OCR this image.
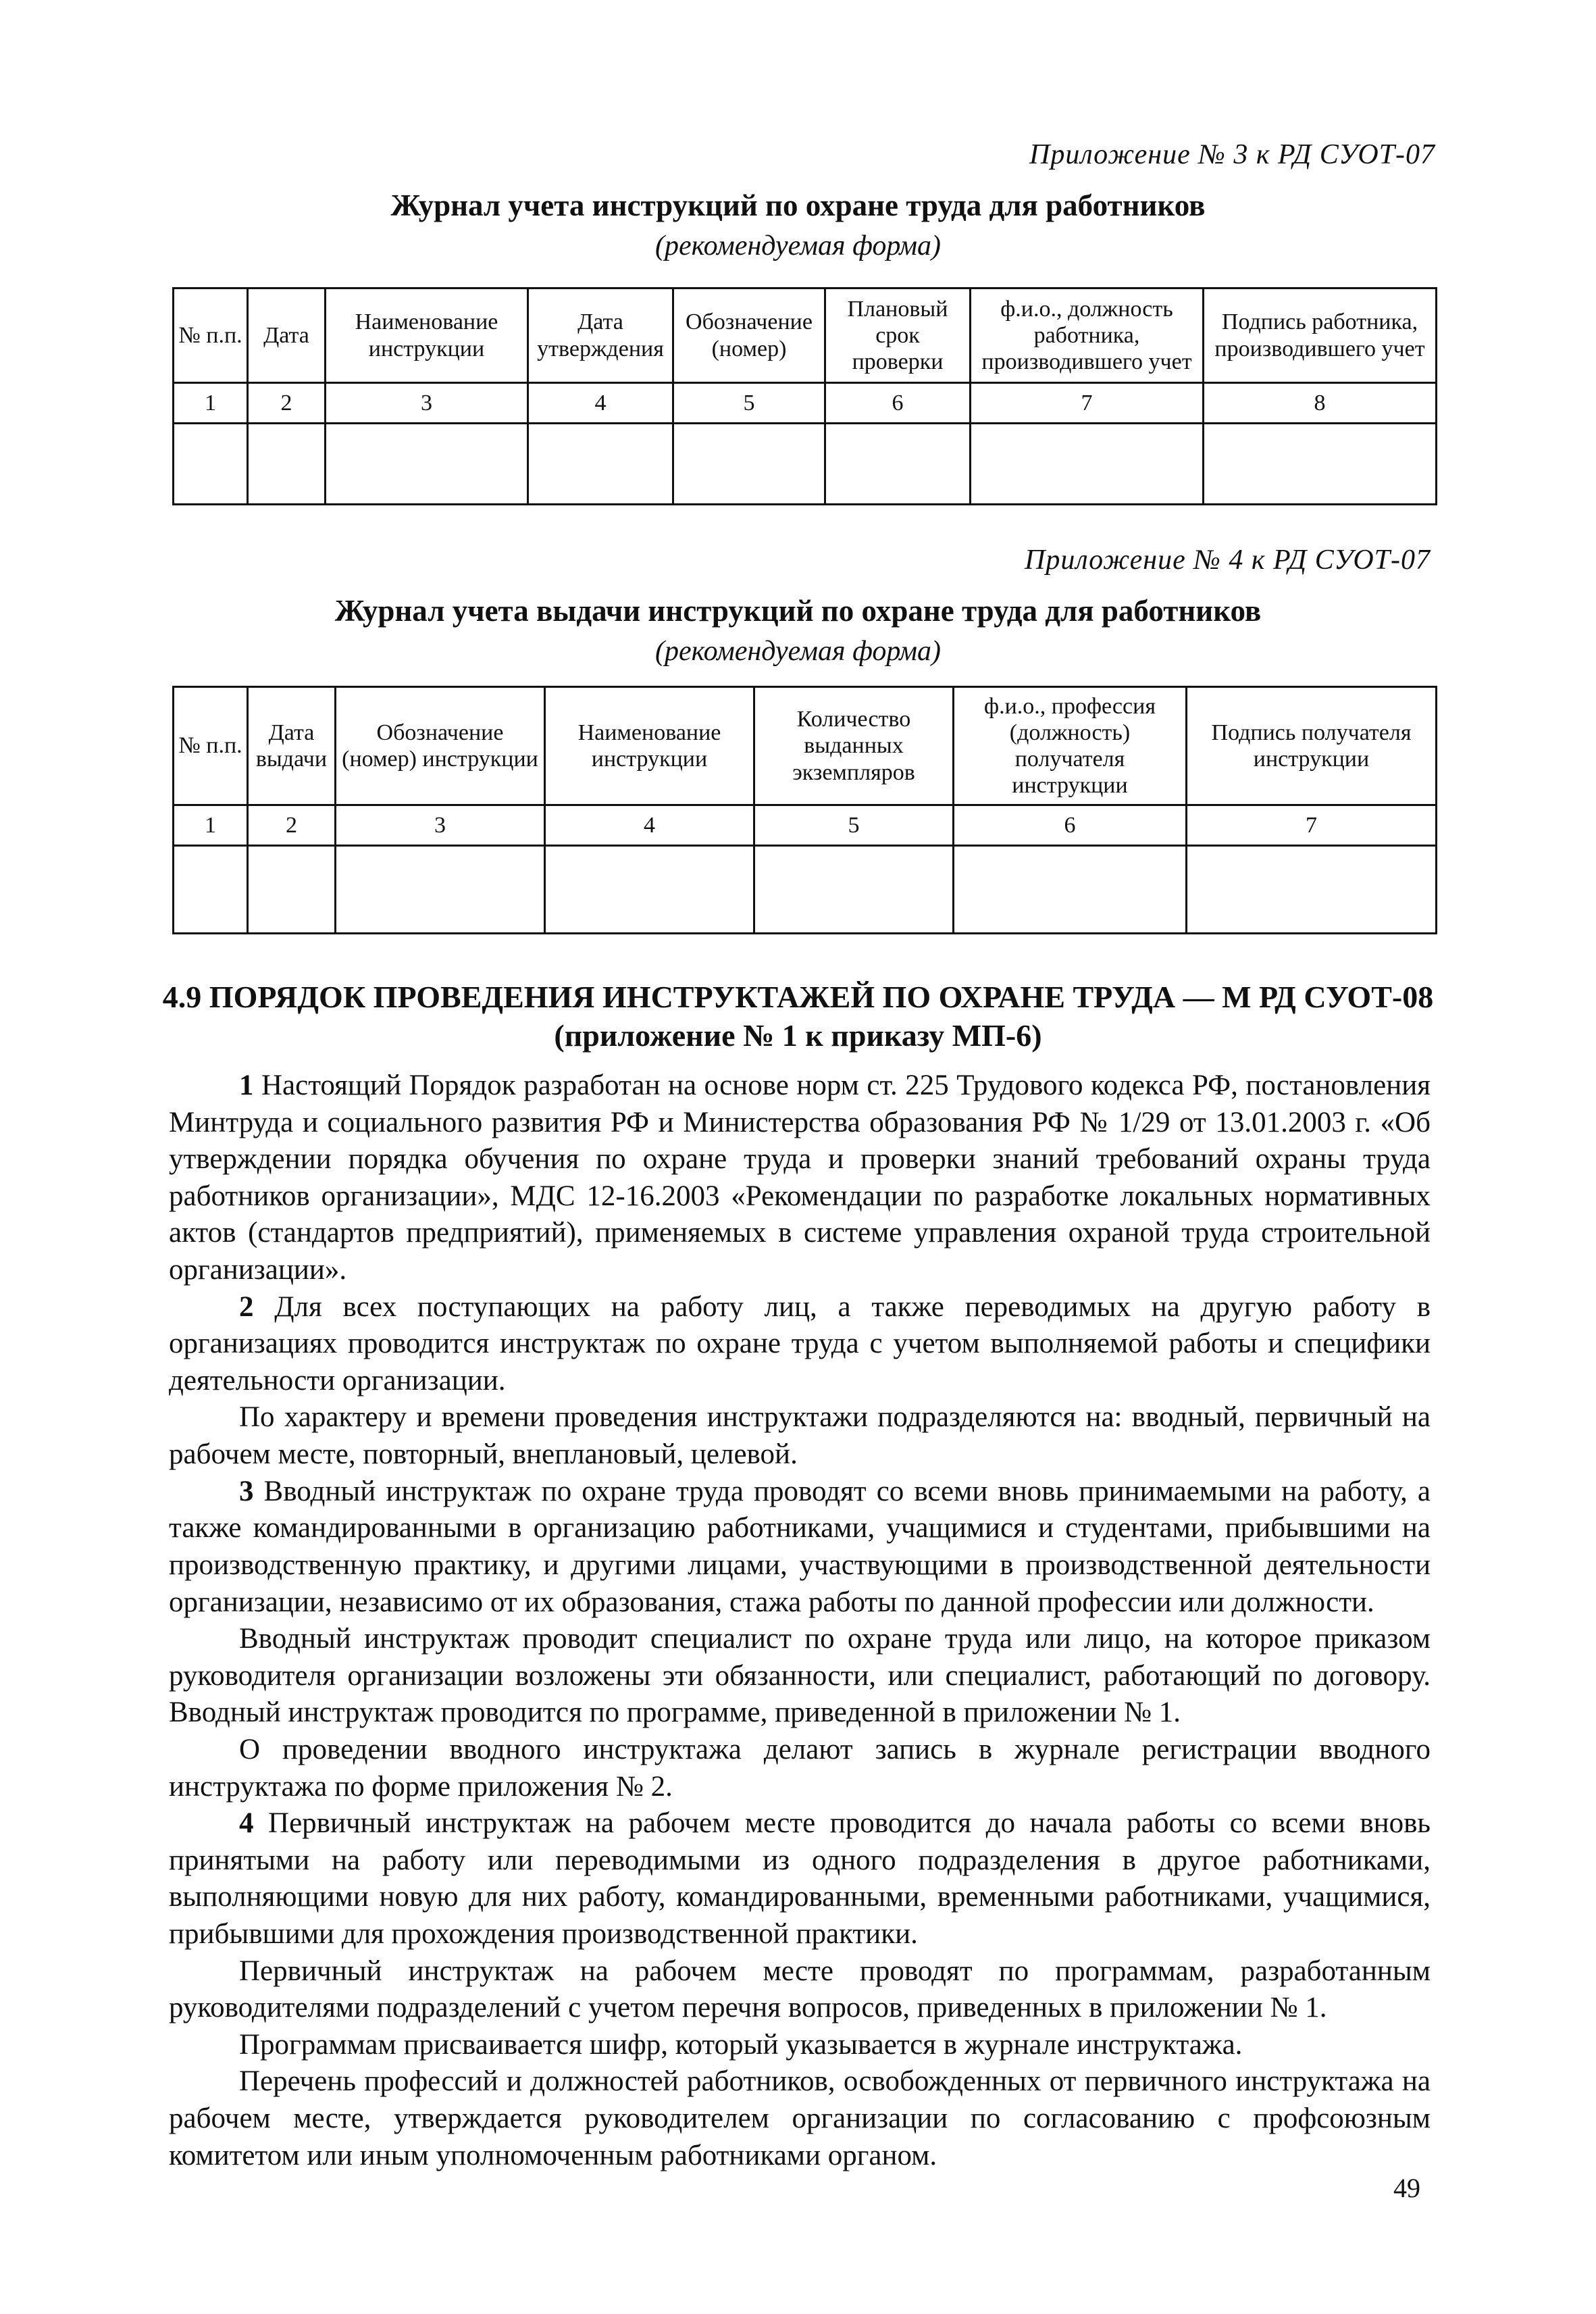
Приложение № 3 к РД СУОТ-07
Журнал учета инструкций по охране труда для работников
(рекомендуемая форма)
№ п.п.	Дата	Наименование инструкции	Дата утверждения	Обозначение (номер)	Плановый срок проверки	ф.и.о., должность работника, производившего учет	Подпись работника, производившего учет
1	2	3	4	5	6	7	8

Приложение № 4 к РД СУОТ-07
Журнал учета выдачи инструкций по охране труда для работников
(рекомендуемая форма)
№ п.п.	Дата выдачи	Обозначение (номер) инструкции	Наименование инструкции	Количество выданных экземпляров	ф.и.о., профессия (должность) получателя инструкции	Подпись получателя инструкции
1	2	3	4	5	6	7

4.9 ПОРЯДОК ПРОВЕДЕНИЯ ИНСТРУКТАЖЕЙ ПО ОХРАНЕ ТРУДА — М РД СУОТ-08
(приложение № 1 к приказу МП-6)

1 Настоящий Порядок разработан на основе норм ст. 225 Трудового кодекса РФ, постановления Минтруда и социального развития РФ и Министерства образования РФ № 1/29 от 13.01.2003 г. «Об утверждении порядка обучения по охране труда и проверки знаний требований охраны труда работников организации», МДС 12-16.2003 «Рекомендации по разработке локальных нормативных актов (стандартов предприятий), применяемых в системе управления охраной труда строительной организации».

2 Для всех поступающих на работу лиц, а также переводимых на другую работу в организациях проводится инструктаж по охране труда с учетом выполняемой работы и специфики деятельности организации.

По характеру и времени проведения инструктажи подразделяются на: вводный, первичный на рабочем месте, повторный, внеплановый, целевой.

3 Вводный инструктаж по охране труда проводят со всеми вновь принимаемыми на работу, а также командированными в организацию работниками, учащимися и студентами, прибывшими на производственную практику, и другими лицами, участвующими в производственной деятельности организации, независимо от их образования, стажа работы по данной профессии или должности.

Вводный инструктаж проводит специалист по охране труда или лицо, на которое приказом руководителя организации возложены эти обязанности, или специалист, работающий по договору. Вводный инструктаж проводится по программе, приведенной в приложении № 1.

О проведении вводного инструктажа делают запись в журнале регистрации вводного инструктажа по форме приложения № 2.

4 Первичный инструктаж на рабочем месте проводится до начала работы со всеми вновь принятыми на работу или переводимыми из одного подразделения в другое работниками, выполняющими новую для них работу, командированными, временными работниками, учащимися, прибывшими для прохождения производственной практики.

Первичный инструктаж на рабочем месте проводят по программам, разработанным руководителями подразделений с учетом перечня вопросов, приведенных в приложении № 1.

Программам присваивается шифр, который указывается в журнале инструктажа.

Перечень профессий и должностей работников, освобожденных от первичного инструктажа на рабочем месте, утверждается руководителем организации по согласованию с профсоюзным комитетом или иным уполномоченным работниками органом.

49
